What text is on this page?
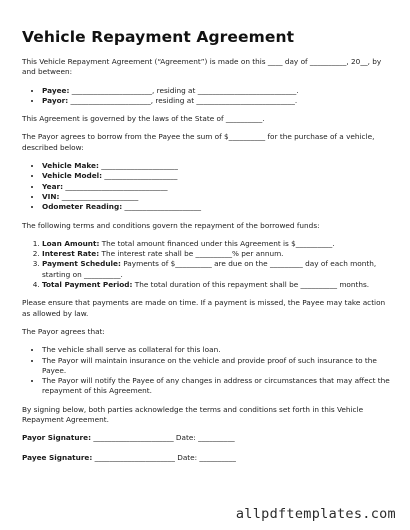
Vehicle Repayment Agreement

This Vehicle Repayment Agreement (“Agreement”) is made on this ____ day of __________, 20__, by and between:

• Payee: ______________________, residing at ___________________________.
• Payor: ______________________, residing at ___________________________.

This Agreement is governed by the laws of the State of __________.

The Payor agrees to borrow from the Payee the sum of $__________ for the purchase of a vehicle, described below:

• Vehicle Make: _____________________
• Vehicle Model: ____________________
• Year: ____________________________
• VIN: _____________________
• Odometer Reading: _____________________

The following terms and conditions govern the repayment of the borrowed funds:

1. Loan Amount: The total amount financed under this Agreement is $__________.
2. Interest Rate: The interest rate shall be __________% per annum.
3. Payment Schedule: Payments of $__________ are due on the _________ day of each month, starting on __________.
4. Total Payment Period: The total duration of this repayment shall be __________ months.

Please ensure that payments are made on time. If a payment is missed, the Payee may take action as allowed by law.

The Payor agrees that:

• The vehicle shall serve as collateral for this loan.
• The Payor will maintain insurance on the vehicle and provide proof of such insurance to the Payee.
• The Payor will notify the Payee of any changes in address or circumstances that may affect the repayment of this Agreement.

By signing below, both parties acknowledge the terms and conditions set forth in this Vehicle Repayment Agreement.

Payor Signature: ______________________ Date: __________

Payee Signature: ______________________ Date: __________

allpdftemplates.com
